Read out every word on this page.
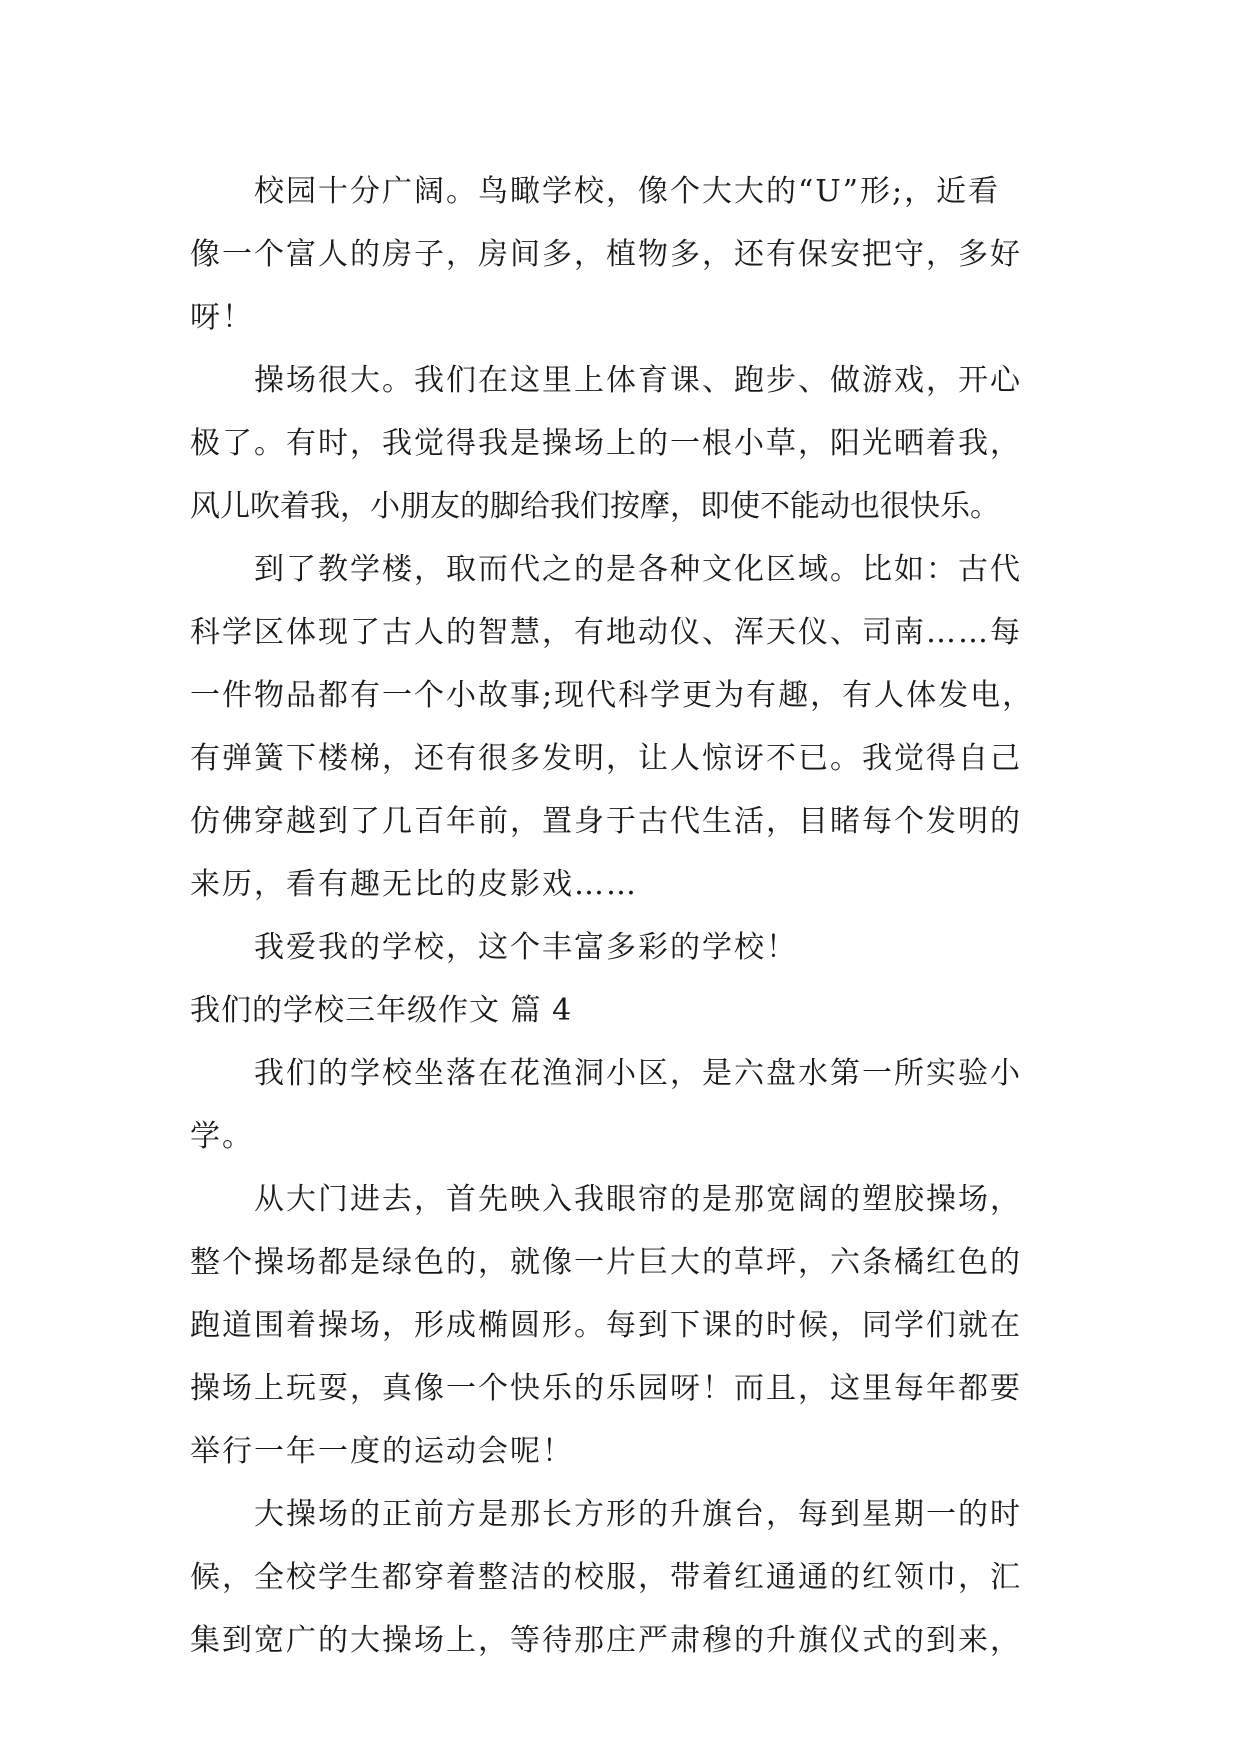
校园十分广阔。鸟瞰学校，像个大大的“U”形;，近看
像一个富人的房子，房间多，植物多，还有保安把守，多好
呀！
操场很大。我们在这里上体育课、跑步、做游戏，开心
极了。有时，我觉得我是操场上的一根小草，阳光晒着我，
风儿吹着我，小朋友的脚给我们按摩，即使不能动也很快乐。
到了教学楼，取而代之的是各种文化区域。比如：古代
科学区体现了古人的智慧，有地动仪、浑天仪、司南……每
一件物品都有一个小故事;现代科学更为有趣，有人体发电，
有弹簧下楼梯，还有很多发明，让人惊讶不已。我觉得自己
仿佛穿越到了几百年前，置身于古代生活，目睹每个发明的
来历，看有趣无比的皮影戏……
我爱我的学校，这个丰富多彩的学校！
我们的学校三年级作文 篇 4
我们的学校坐落在花渔洞小区，是六盘水第一所实验小
学。
从大门进去，首先映入我眼帘的是那宽阔的塑胶操场，
整个操场都是绿色的，就像一片巨大的草坪，六条橘红色的
跑道围着操场，形成椭圆形。每到下课的时候，同学们就在
操场上玩耍，真像一个快乐的乐园呀！而且，这里每年都要
举行一年一度的运动会呢！
大操场的正前方是那长方形的升旗台，每到星期一的时
候，全校学生都穿着整洁的校服，带着红通通的红领巾，汇
集到宽广的大操场上，等待那庄严肃穆的升旗仪式的到来，
